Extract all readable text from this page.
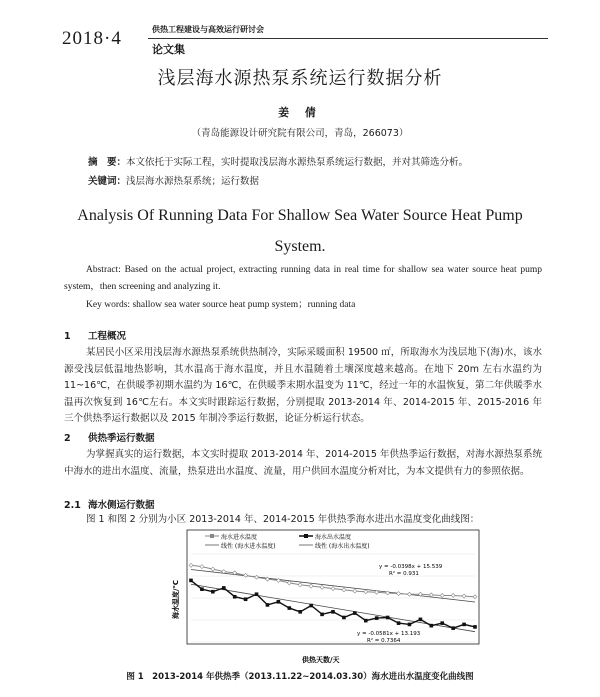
2018·4	供热工程建设与高效运行研讨会
论文集
浅层海水源热泵系统运行数据分析
姜 倩
（青岛能源设计研究院有限公司，青岛，266073）
摘　要：本文依托于实际工程，实时提取浅层海水源热泵系统运行数据，并对其筛选分析。
关键词：浅层海水源热泵系统；运行数据
Analysis Of Running Data For Shallow Sea Water Source Heat Pump
System.
Abstract: Based on the actual project, extracting running data in real time for shallow sea water source heat pump system，then screening and analyzing it.
Key words: shallow sea water source heat pump system；running data
1 工程概况
某居民小区采用浅层海水源热泵系统供热制冷，实际采暖面积 19500 ㎡，所取海水为浅层地下(海)水，该水源受浅层低温地热影响，其水温高于海水温度，并且水温随着土壤深度越来越高。在地下 20m 左右水温约为 11~16℃，在供暖季初期水温约为 16℃，在供暖季末期水温变为 11℃，经过一年的水温恢复，第二年供暖季水温再次恢复到 16℃左右。本文实时跟踪运行数据，分别提取 2013-2014 年、2014-2015 年、2015-2016 年三个供热季运行数据以及 2015 年制冷季运行数据，论证分析运行状态。
2 供热季运行数据
为掌握真实的运行数据，本文实时提取 2013-2014 年、2014-2015 年供热季运行数据，对海水源热泵系统中海水的进出水温度、流量，热泵进出水温度、流量，用户供回水温度分析对比，为本文提供有力的参照依据。
2.1 海水侧运行数据
图 1 和图 2 分别为小区 2013-2014 年、2014-2015 年供热季海水进出水温度变化曲线图：
海水进水温度	海水出水温度
线性 (海水进水温度)	线性 (海水出水温度)
y = -0.0398x + 15.539
R² = 0.931
y = -0.0581x + 13.193
R² = 0.7364
海水温度/℃
供热天数/天
图 1　2013-2014 年供热季（2013.11.22~2014.03.30）海水进出水温度变化曲线图
